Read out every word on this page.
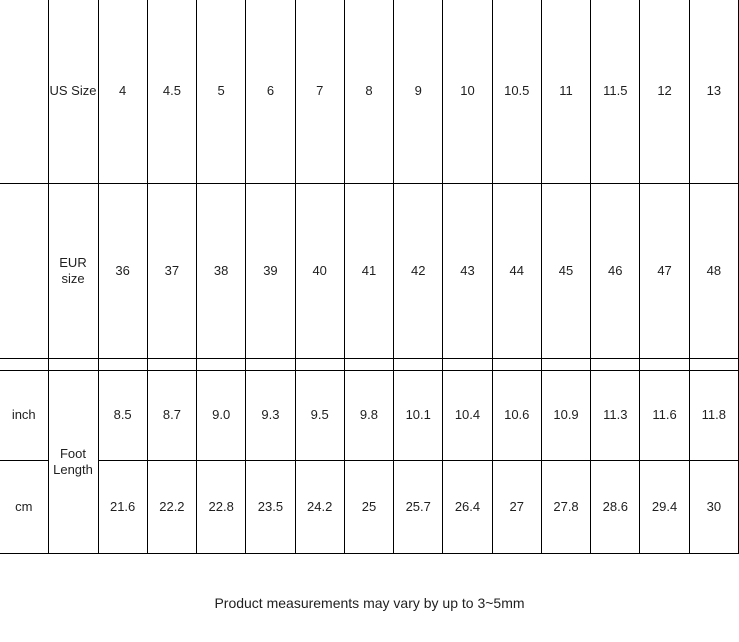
	US Size	4	4.5	5	6	7	8	9	10	10.5	11	11.5	12	13
	EUR size	36	37	38	39	40	41	42	43	44	45	46	47	48

inch	Foot Length	8.5	8.7	9.0	9.3	9.5	9.8	10.1	10.4	10.6	10.9	11.3	11.6	11.8
cm		21.6	22.2	22.8	23.5	24.2	25	25.7	26.4	27	27.8	28.6	29.4	30
Product measurements may vary by up to 3~5mm
